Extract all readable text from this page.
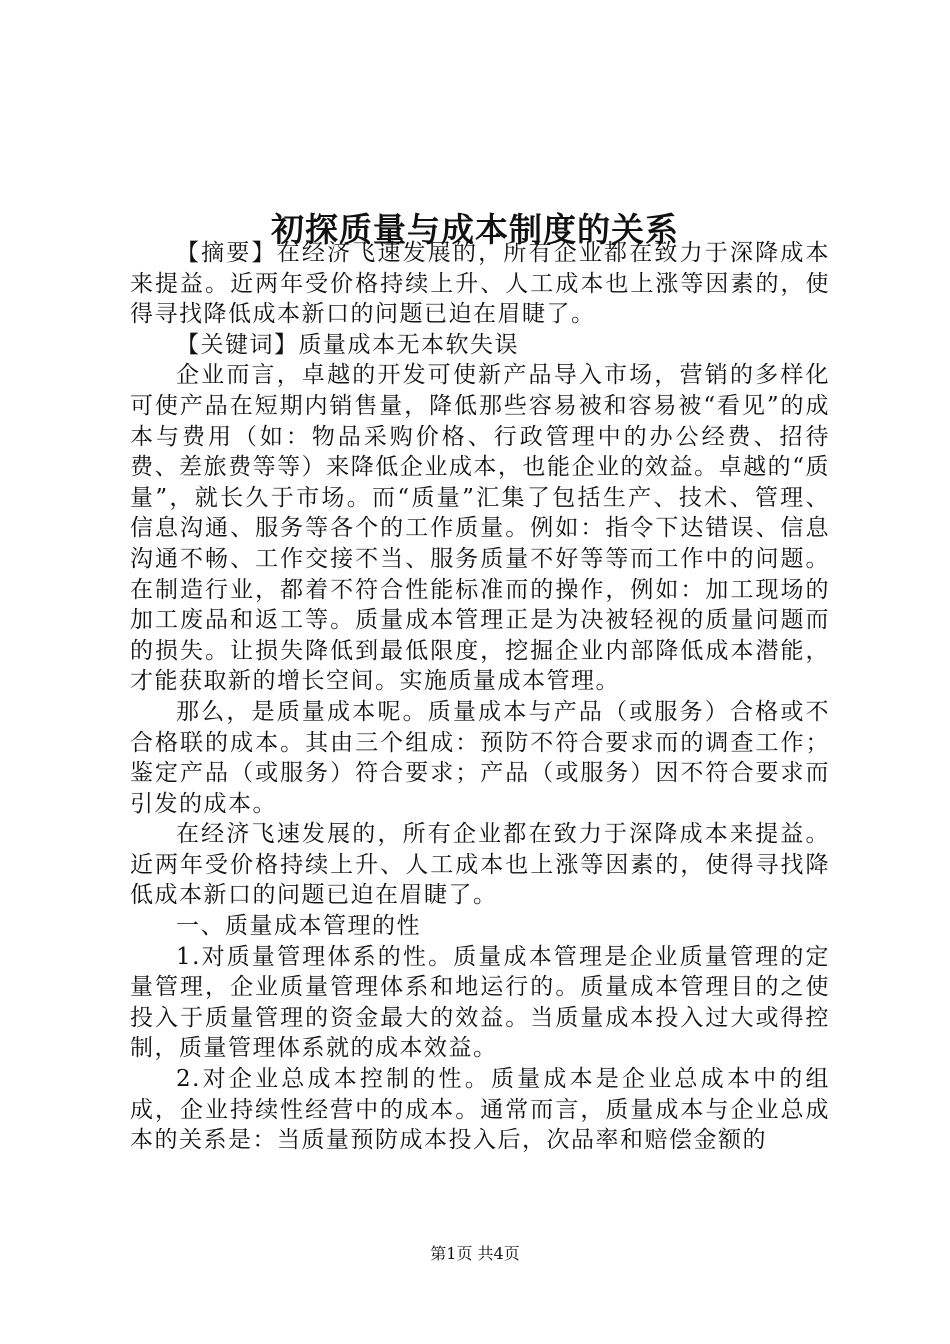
初探质量与成本制度的关系

【摘要】在经济飞速发展的，所有企业都在致力于深降成本来提益。近两年受价格持续上升、人工成本也上涨等因素的，使得寻找降低成本新口的问题已迫在眉睫了。

【关键词】质量成本无本软失误

企业而言，卓越的开发可使新产品导入市场，营销的多样化可使产品在短期内销售量，降低那些容易被和容易被“看见”的成本与费用（如：物品采购价格、行政管理中的办公经费、招待费、差旅费等等）来降低企业成本，也能企业的效益。卓越的“质量”，就长久于市场。而“质量”汇集了包括生产、技术、管理、信息沟通、服务等各个的工作质量。例如：指令下达错误、信息沟通不畅、工作交接不当、服务质量不好等等而工作中的问题。在制造行业，都着不符合性能标准而的操作，例如：加工现场的加工废品和返工等。质量成本管理正是为决被轻视的质量问题而的损失。让损失降低到最低限度，挖掘企业内部降低成本潜能，才能获取新的增长空间。实施质量成本管理。

那么，是质量成本呢。质量成本与产品（或服务）合格或不合格联的成本。其由三个组成：预防不符合要求而的调查工作；鉴定产品（或服务）符合要求；产品（或服务）因不符合要求而引发的成本。

在经济飞速发展的，所有企业都在致力于深降成本来提益。近两年受价格持续上升、人工成本也上涨等因素的，使得寻找降低成本新口的问题已迫在眉睫了。

一、质量成本管理的性

1.对质量管理体系的性。质量成本管理是企业质量管理的定量管理，企业质量管理体系和地运行的。质量成本管理目的之使投入于质量管理的资金最大的效益。当质量成本投入过大或得控制，质量管理体系就的成本效益。

2.对企业总成本控制的性。质量成本是企业总成本中的组成，企业持续性经营中的成本。通常而言，质量成本与企业总成本的关系是：当质量预防成本投入后，次品率和赔偿金额的

第1页 共4页
